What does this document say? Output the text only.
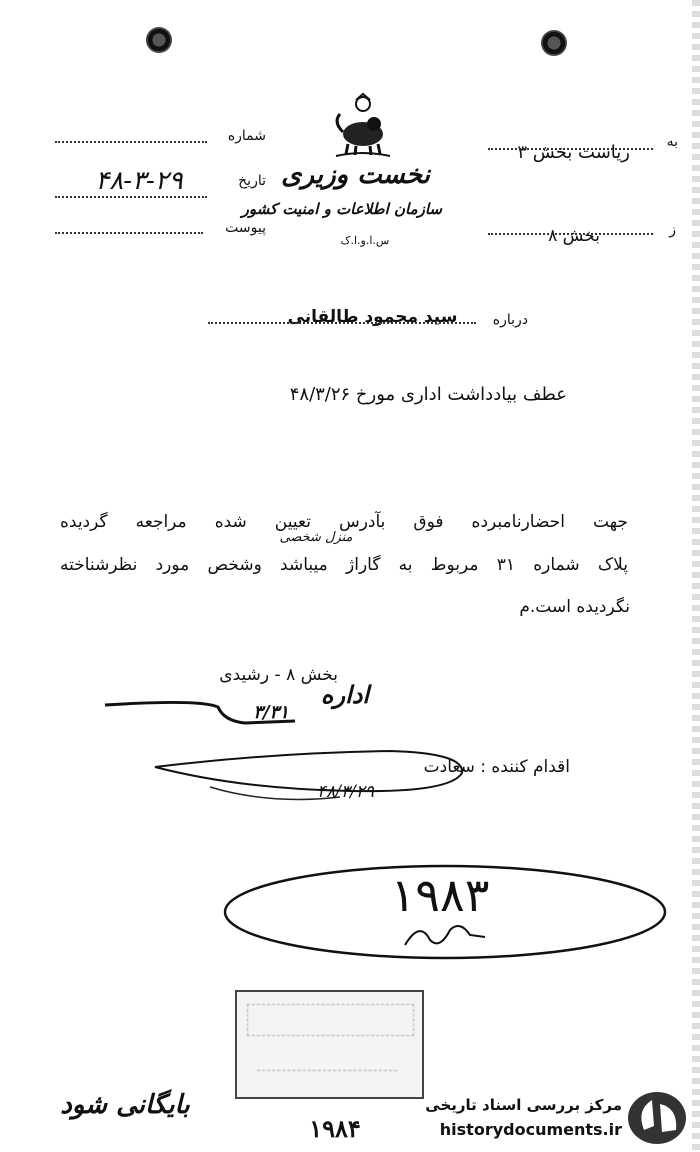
نخست وزیری
سازمان اطلاعات و امنیت کشور
س.ا.و.ا.ک
شماره
تاریخ
۴۸-۳-۲۹
پیوست
به
ریاست بخش ۳
ز
بخش ۸
درباره
سید محمود طالقانی
عطف بیادداشت اداری مورخ ۴۸/۳/۲۶
جهت احضارنامبرده فوق بآدرس تعیین شده مراجعه گردیده
منزل شخصی
پلاک شماره ۳۱ مربوط به گاراژ میباشد وشخص مورد نظرشناخته
نگردیده است.م
بخش ۸ - رشیدی
اداره
۳/۳۱
اقدام کننده : سعادت
۴۸/۳/۲۹
۱۹۸۳
بایگانی شود
۱۹۸۴
مرکز بررسی اسناد تاریخی
historydocuments.ir
